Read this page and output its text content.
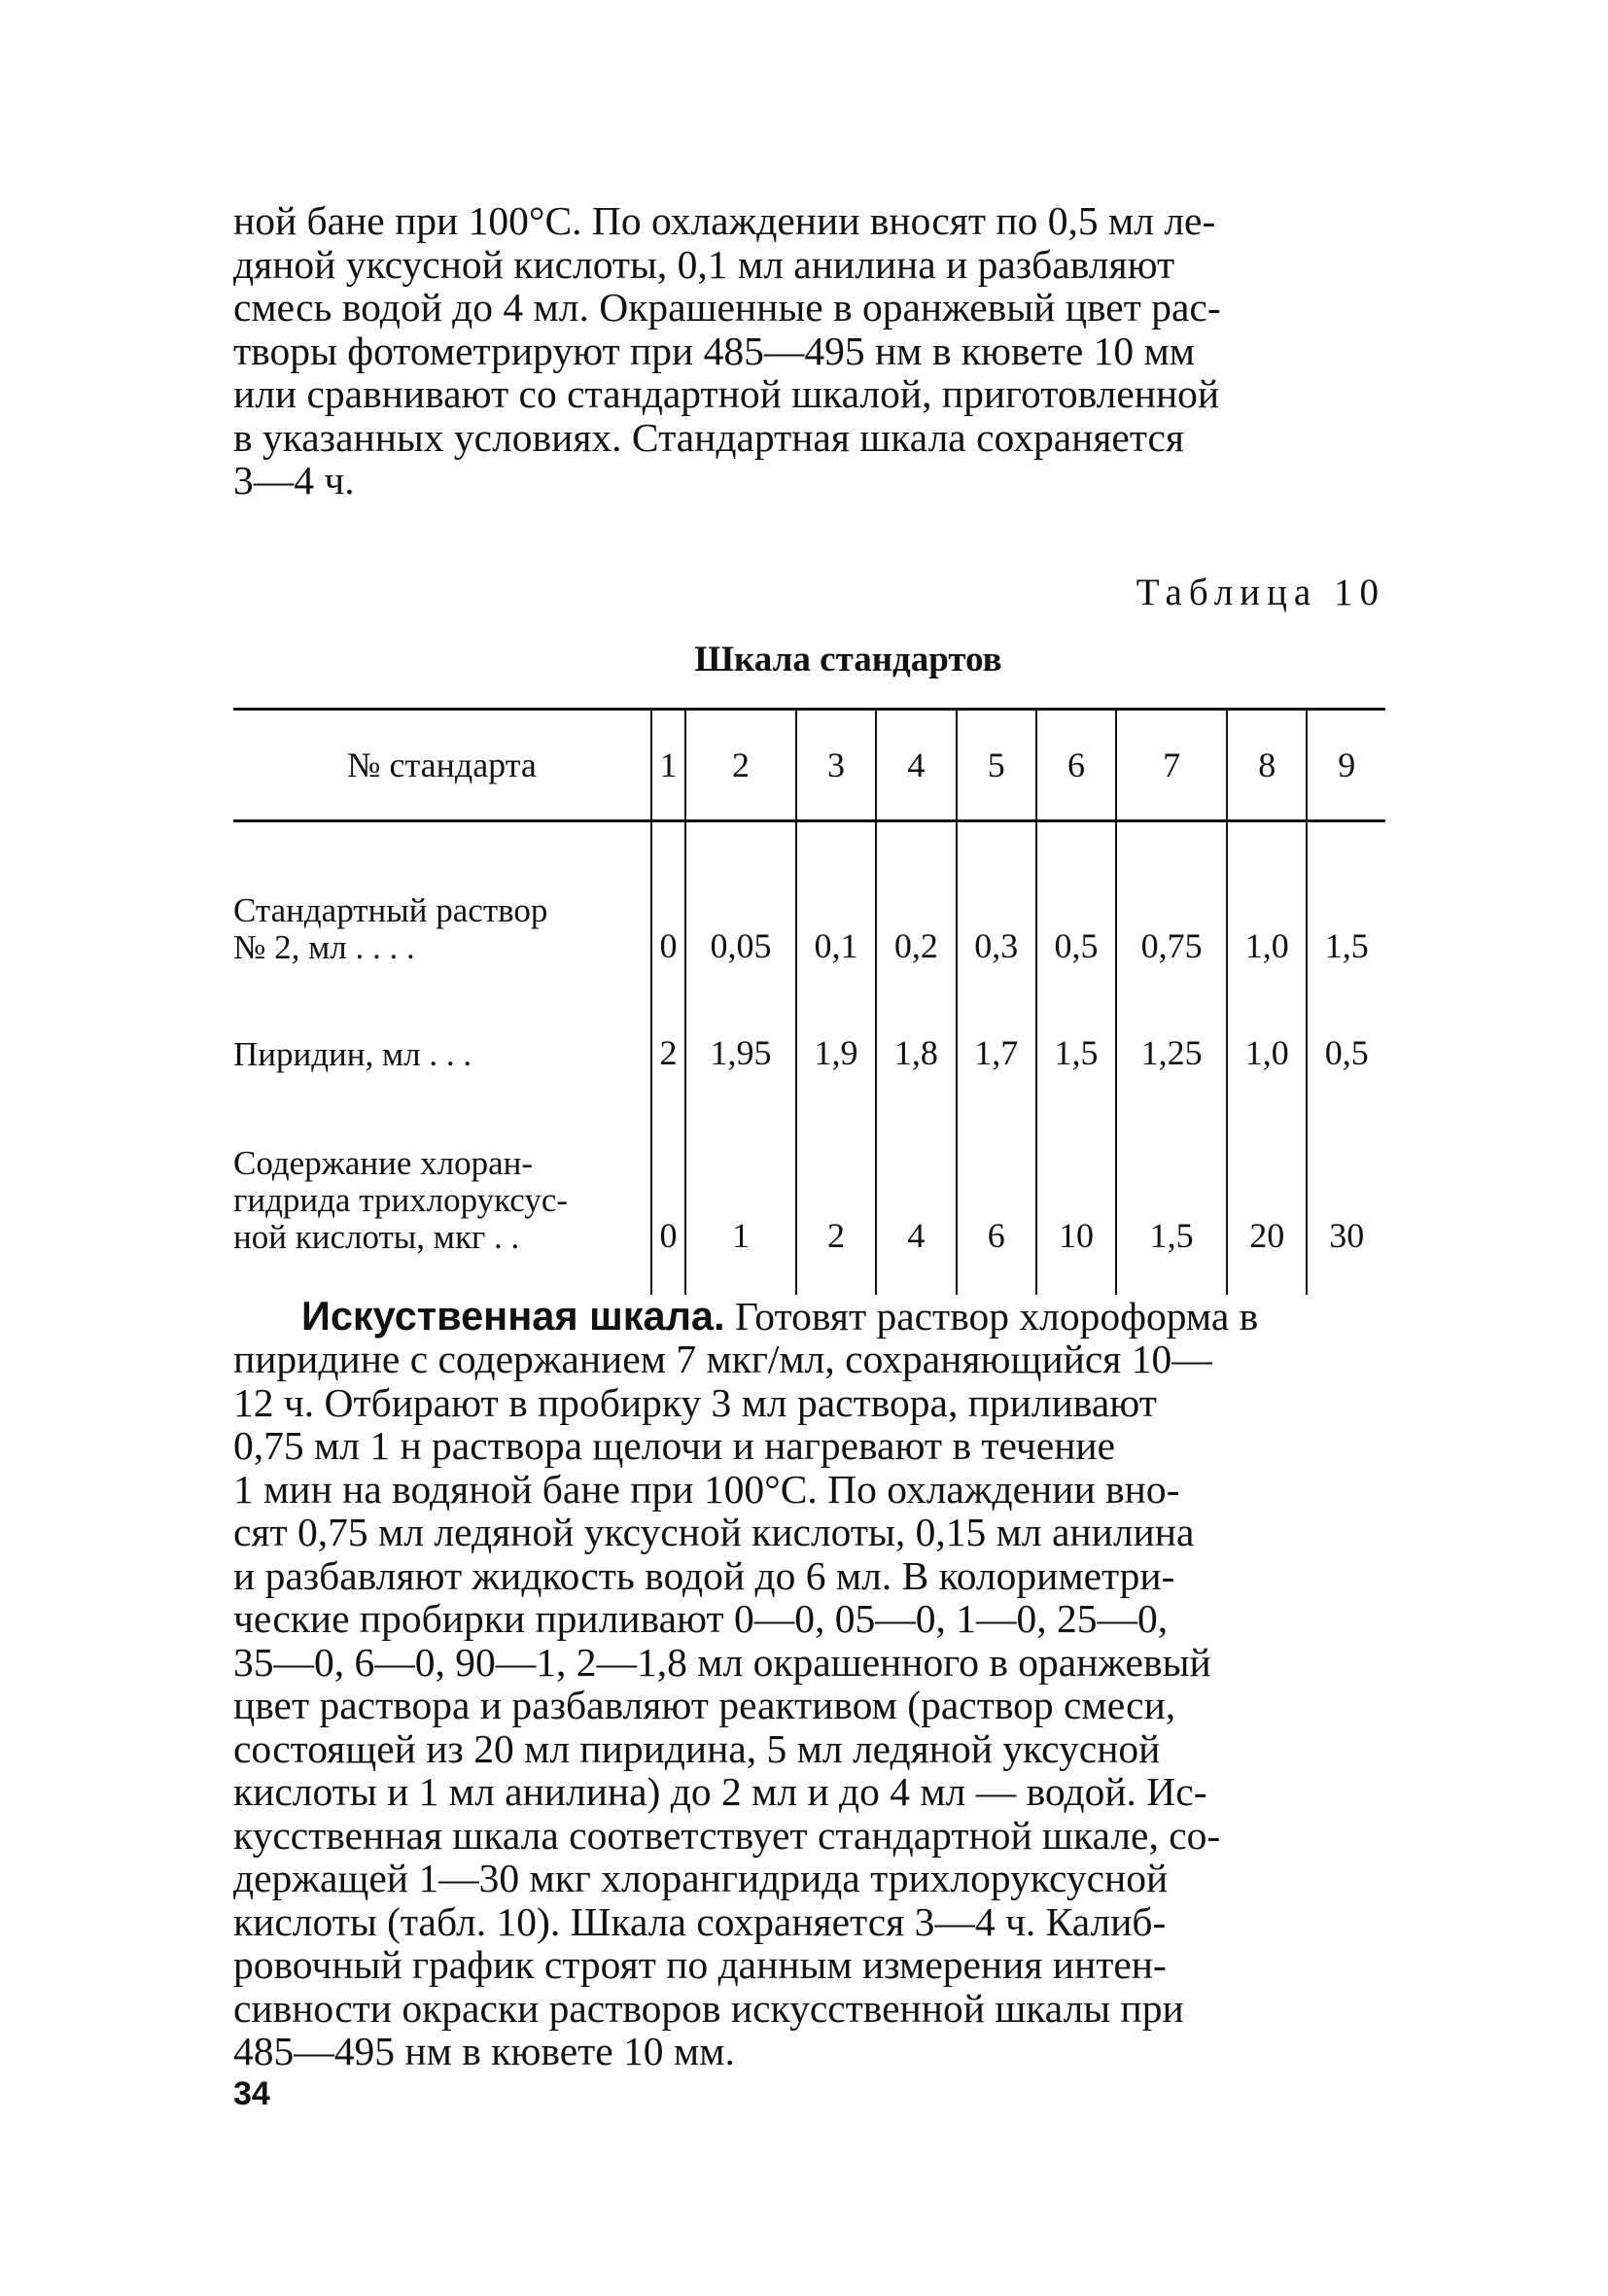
ной бане при 100°С. По охлаждении вносят по 0,5 мл ле-
дяной уксусной кислоты, 0,1 мл анилина и разбавляют
смесь водой до 4 мл. Окрашенные в оранжевый цвет рас-
творы фотометрируют при 485—495 нм в кювете 10 мм
или сравнивают со стандартной шкалой, приготовленной
в указанных условиях. Стандартная шкала сохраняется
3—4 ч.

Таблица 10
Шкала стандартов
№ стандарта	1	2	3	4	5	6	7	8	9

Стандартный раствор
№ 2, мл . . . .	0	0,05	0,1	0,2	0,3	0,5	0,75	1,0	1,5

Пиридин, мл . . .	2	1,95	1,9	1,8	1,7	1,5	1,25	1,0	0,5

Содержание хлоран-
гидрида трихлоруксус-
ной кислоты, мкг . .	0	1	2	4	6	10	1,5	20	30

Искуственная шкала. Готовят раствор хлороформа в
пиридине с содержанием 7 мкг/мл, сохраняющийся 10—
12 ч. Отбирают в пробирку 3 мл раствора, приливают
0,75 мл 1 н раствора щелочи и нагревают в течение
1 мин на водяной бане при 100°С. По охлаждении вно-
сят 0,75 мл ледяной уксусной кислоты, 0,15 мл анилина
и разбавляют жидкость водой до 6 мл. В колориметри-
ческие пробирки приливают 0—0, 05—0, 1—0, 25—0,
35—0, 6—0, 90—1, 2—1,8 мл окрашенного в оранжевый
цвет раствора и разбавляют реактивом (раствор смеси,
состоящей из 20 мл пиридина, 5 мл ледяной уксусной
кислоты и 1 мл анилина) до 2 мл и до 4 мл — водой. Ис-
кусственная шкала соответствует стандартной шкале, со-
держащей 1—30 мкг хлорангидрида трихлоруксусной
кислоты (табл. 10). Шкала сохраняется 3—4 ч. Калиб-
ровочный график строят по данным измерения интен-
сивности окраски растворов искусственной шкалы при
485—495 нм в кювете 10 мм.

34
